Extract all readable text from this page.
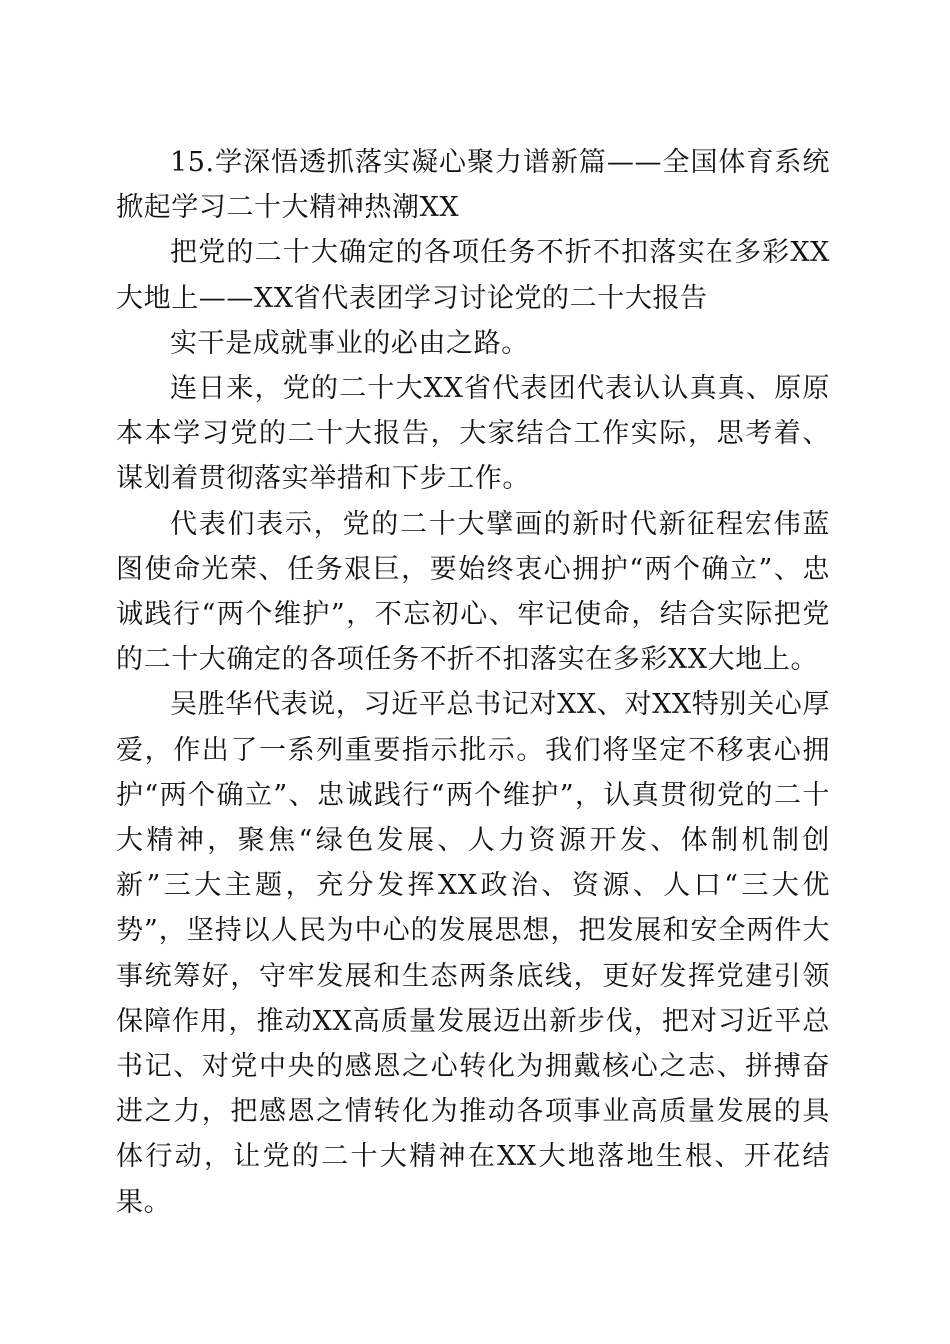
15.学深悟透抓落实凝心聚力谱新篇——全国体育系统掀起学习二十大精神热潮XX

把党的二十大确定的各项任务不折不扣落实在多彩XX大地上——XX省代表团学习讨论党的二十大报告

实干是成就事业的必由之路。

连日来，党的二十大XX省代表团代表认认真真、原原本本学习党的二十大报告，大家结合工作实际，思考着、谋划着贯彻落实举措和下步工作。

代表们表示，党的二十大擘画的新时代新征程宏伟蓝图使命光荣、任务艰巨，要始终衷心拥护“两个确立”、忠诚践行“两个维护”，不忘初心、牢记使命，结合实际把党的二十大确定的各项任务不折不扣落实在多彩XX大地上。

吴胜华代表说，习近平总书记对XX、对XX特别关心厚爱，作出了一系列重要指示批示。我们将坚定不移衷心拥护“两个确立”、忠诚践行“两个维护”，认真贯彻党的二十大精神，聚焦“绿色发展、人力资源开发、体制机制创新”三大主题，充分发挥XX政治、资源、人口“三大优势”，坚持以人民为中心的发展思想，把发展和安全两件大事统筹好，守牢发展和生态两条底线，更好发挥党建引领保障作用，推动XX高质量发展迈出新步伐，把对习近平总书记、对党中央的感恩之心转化为拥戴核心之志、拼搏奋进之力，把感恩之情转化为推动各项事业高质量发展的具体行动，让党的二十大精神在XX大地落地生根、开花结果。
